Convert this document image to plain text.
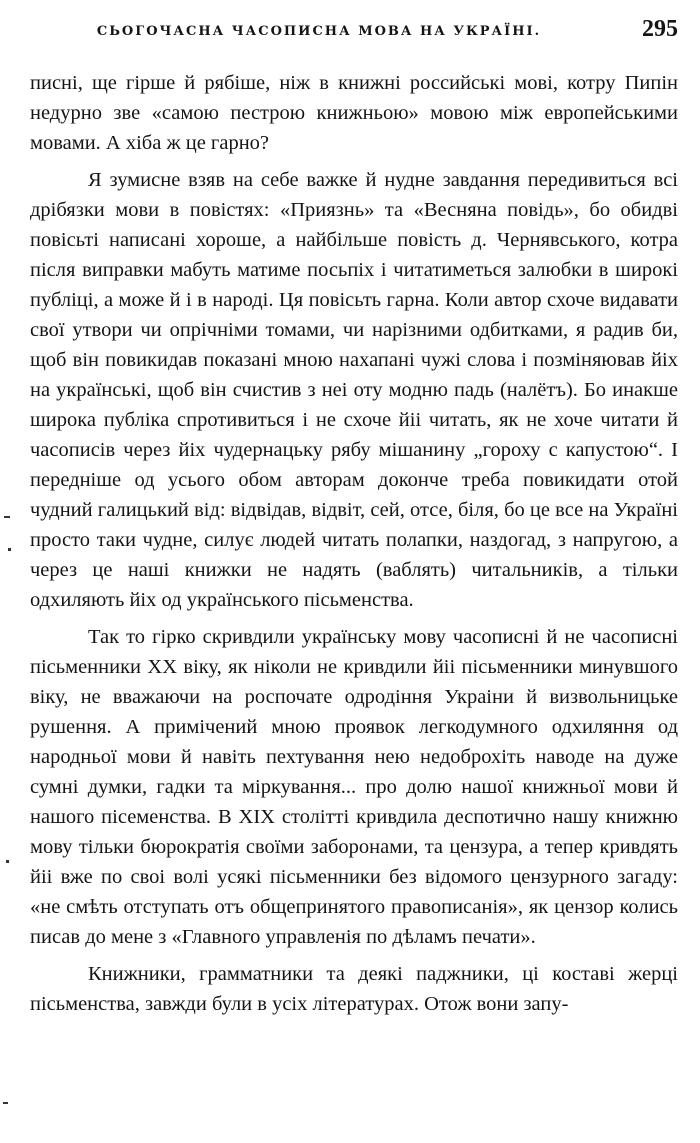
СЬОГОЧАСНА ЧАСОПИСНА МОВА НА УКРАЇНІ.	295

писні, ще гірше й рябіше, ніж в книжні российські мові, котру Пипін недурно зве «самою пестрою книжньою» мовою між европейськими мовами. А хіба ж це гарно?

Я зумисне взяв на себе важке й нудне завдання передивиться всі дрібязки мови в повістях: «Приязнь» та «Весняна повідь», бо обидві повісьті написані хороше, а найбільше повість д. Чернявського, котра після виправки мабуть матиме посьпіх і читатиметься залюбки в широкі публіці, а може й і в народі. Ця повісьть гарна. Коли автор схоче видавати свої утвори чи опрічніми томами, чи нарізними одбитками, я радив би, щоб він повикидав показані мною нахапані чужі слова і позміняював йіх на українські, щоб він счистив з неі оту модню падь (налётъ). Бо инакше широка публіка спротивиться і не схоче йіі читать, як не хоче читати й часописів через йіх чудернацьку рябу мішанину „гороху с капустою“. І передніше од усього обом авторам доконче треба повикидати отой чудний галицький від: відвідав, відвіт, сей, отсе, біля, бо це все на Україні просто таки чудне, силує людей читать полапки, наздогад, з напругою, а через це наші книжки не надять (ваблять) читальників, а тільки одхиляють йіх од українського пісьменства.

Так то гірко скривдили українську мову часописні й не часописні пісьменники XX віку, як ніколи не кривдили йіі пісьменники минувшого віку, не вважаючи на роспочате одродіння Украіни й визвольницьке рушення. А примічений мною проявок легкодумного одхиляння од народньої мови й навіть пехтування нею недоброхіть наводе на дуже сумні думки, гадки та міркування... про долю нашої книжньої мови й нашого пісеменства. В XIX столітті кривдила деспотично нашу книжню мову тільки бюрократія своїми заборонами, та цензура, а тепер кривдять йіі вже по своі волі усякі пісьменники без відомого цензурного загаду: «не смѣть отступать отъ общепринятого правописанія», як цензор колись писав до мене з «Главного управленія по дѣламъ печати».

Книжники, грамматники та деякі паджники, ці коставі жерці пісьменства, завжди були в усіх літературах. Отож вони запу-
